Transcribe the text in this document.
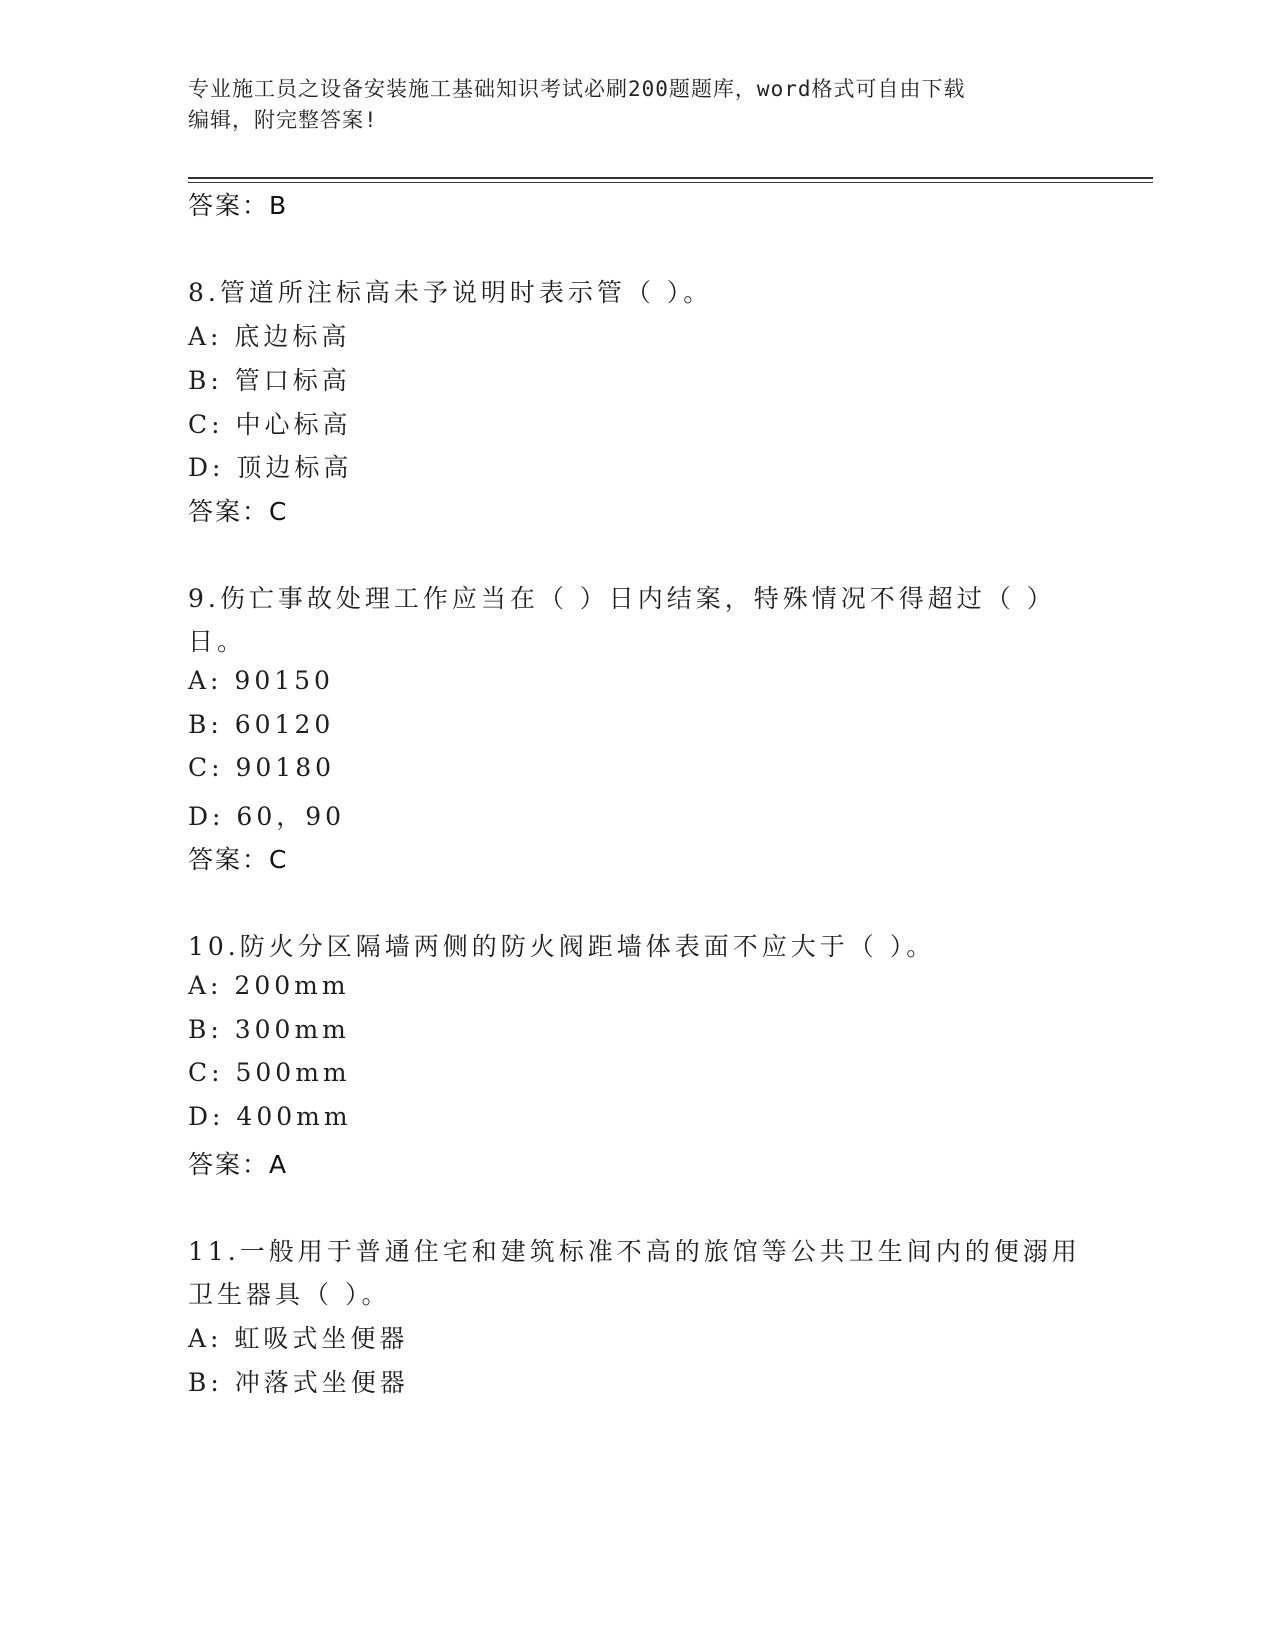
专业施工员之设备安装施工基础知识考试必刷200题题库，word格式可自由下载
编辑，附完整答案!
答案：B
8.管道所注标高未予说明时表示管（ ）。
A: 底边标高
B: 管口标高
C: 中心标高
D: 顶边标高
答案：C
9.伤亡事故处理工作应当在（ ）日内结案，特殊情况不得超过（ ）
日。
A: 90150
B: 60120
C: 90180
D: 60，90
答案：C
10.防火分区隔墙两侧的防火阀距墙体表面不应大于（ ）。
A: 200mm
B: 300mm
C: 500mm
D: 400mm
答案：A
11.一般用于普通住宅和建筑标准不高的旅馆等公共卫生间内的便溺用
卫生器具（ ）。
A: 虹吸式坐便器
B: 冲落式坐便器
